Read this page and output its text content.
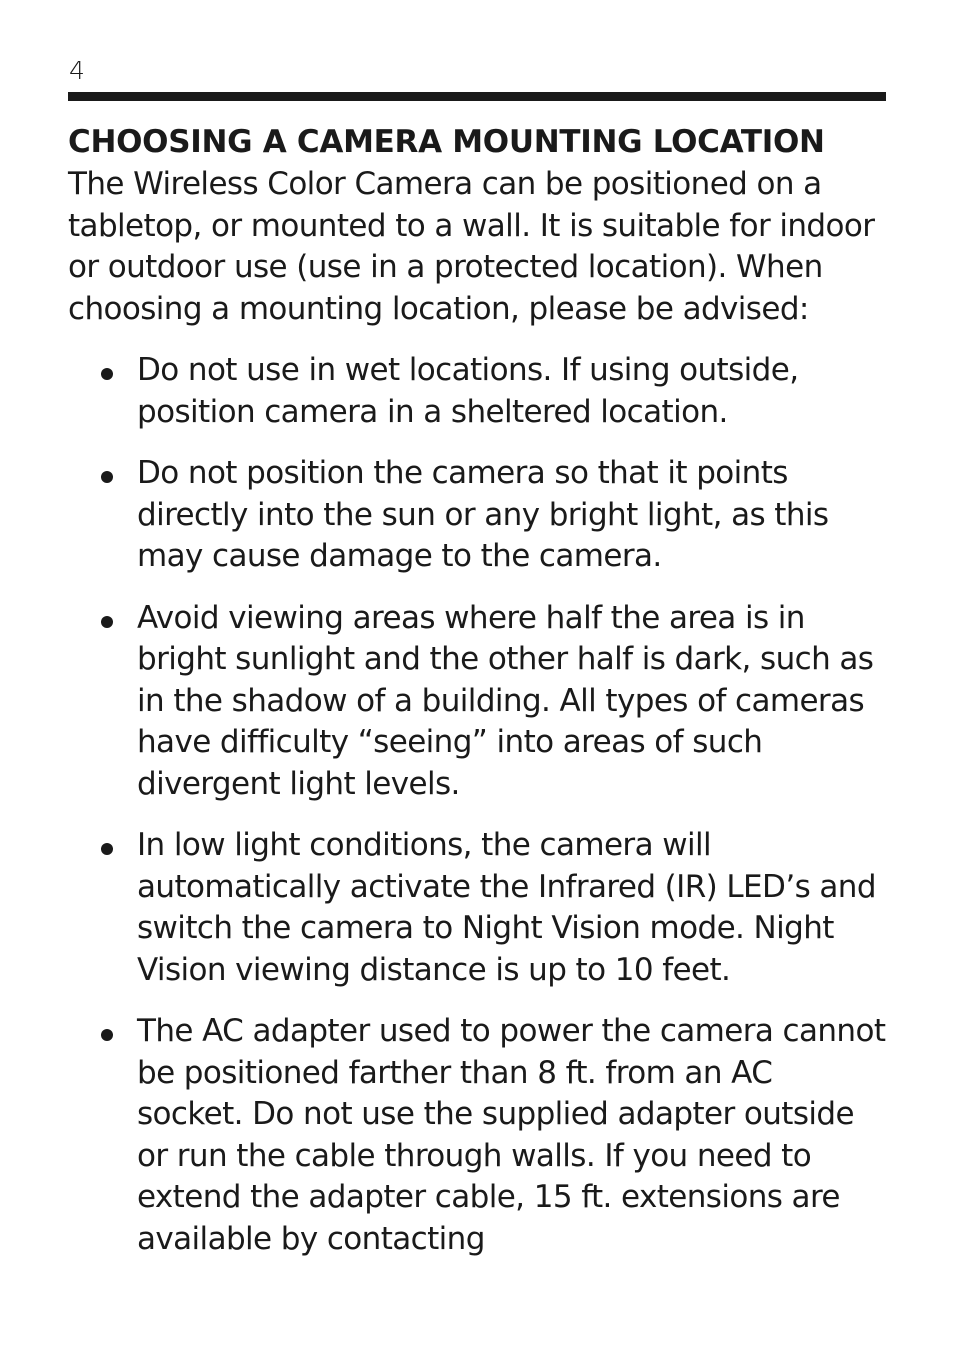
4
CHOOSING A CAMERA MOUNTING LOCATION

The Wireless Color Camera can be positioned on a tabletop, or mounted to a wall. It is suitable for indoor or outdoor use (use in a protected location). When choosing a mounting location, please be advised:

Do not use in wet locations. If using outside, position camera in a sheltered location.
Do not position the camera so that it points directly into the sun or any bright light, as this may cause damage to the camera.
Avoid viewing areas where half the area is in bright sunlight and the other half is dark, such as in the shadow of a building. All types of cameras have difficulty “seeing” into areas of such divergent light levels.
In low light conditions, the camera will automatically activate the Infrared (IR) LED’s and switch the camera to Night Vision mode. Night Vision viewing distance is up to 10 feet.
The AC adapter used to power the camera cannot be positioned farther than 8 ft. from an AC socket. Do not use the supplied adapter outside or run the cable through walls. If you need to extend the adapter cable, 15 ft. extensions are available by contacting
